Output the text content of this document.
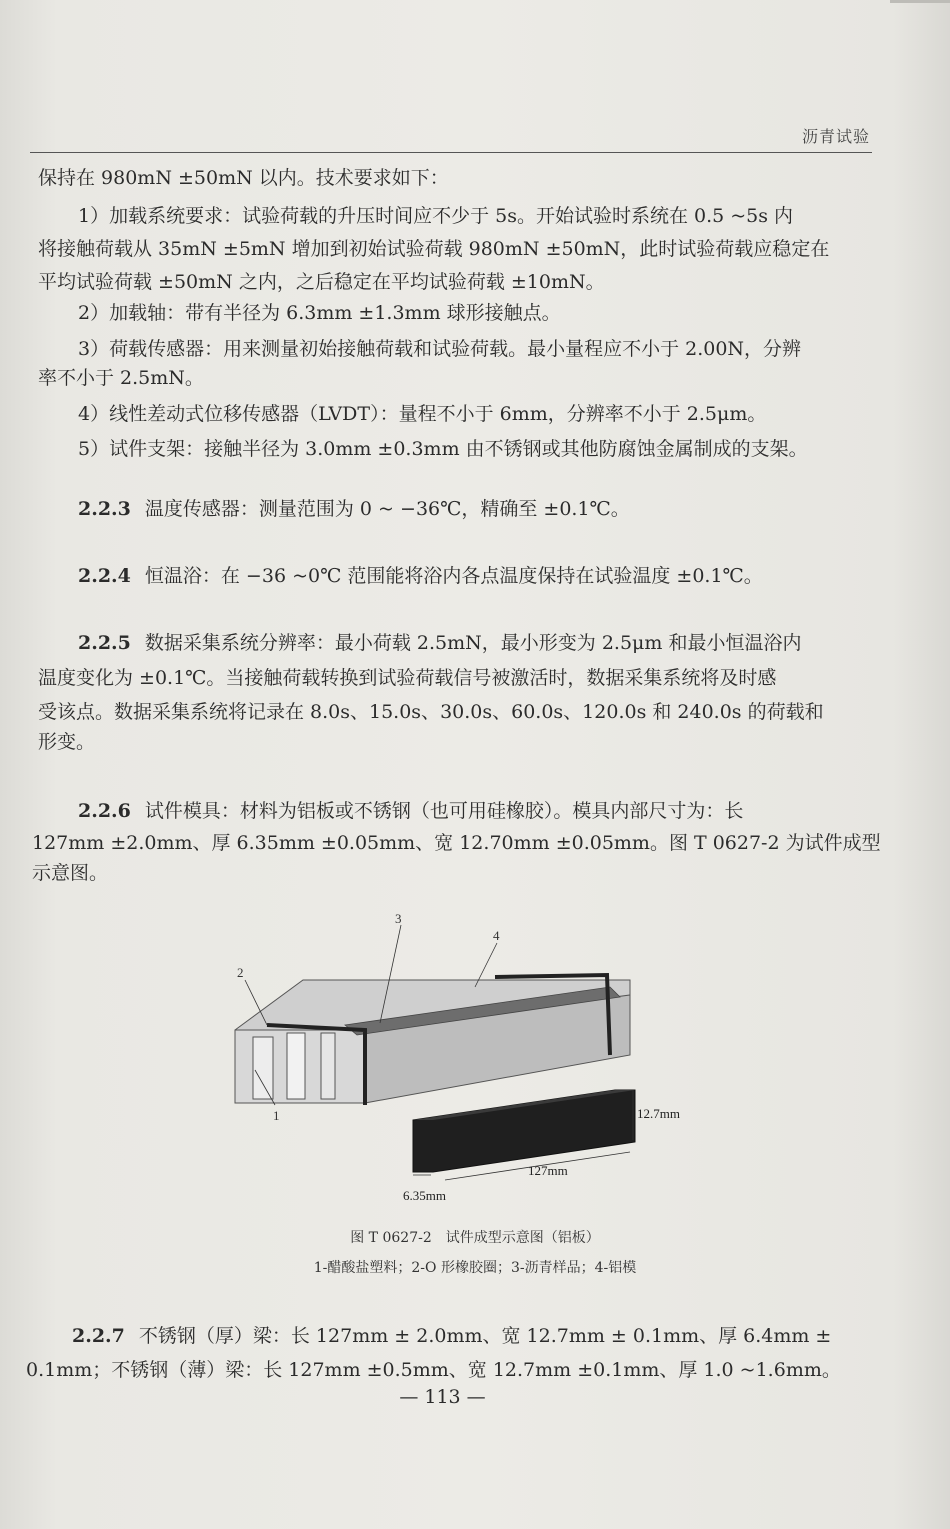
沥青试验
保持在 980mN ±50mN 以内。技术要求如下：
1）加载系统要求：试验荷载的升压时间应不少于 5s。开始试验时系统在 0.5 ~5s 内
将接触荷载从 35mN ±5mN 增加到初始试验荷载 980mN ±50mN，此时试验荷载应稳定在
平均试验荷载 ±50mN 之内，之后稳定在平均试验荷载 ±10mN。
2）加载轴：带有半径为 6.3mm ±1.3mm 球形接触点。
3）荷载传感器：用来测量初始接触荷载和试验荷载。最小量程应不小于 2.00N，分辨
率不小于 2.5mN。
4）线性差动式位移传感器（LVDT）：量程不小于 6mm，分辨率不小于 2.5μm。
5）试件支架：接触半径为 3.0mm ±0.3mm 由不锈钢或其他防腐蚀金属制成的支架。
2.2.3 温度传感器：测量范围为 0 ~ −36℃，精确至 ±0.1℃。
2.2.4 恒温浴：在 −36 ~0℃ 范围能将浴内各点温度保持在试验温度 ±0.1℃。
2.2.5 数据采集系统分辨率：最小荷载 2.5mN，最小形变为 2.5μm 和最小恒温浴内
温度变化为 ±0.1℃。当接触荷载转换到试验荷载信号被激活时，数据采集系统将及时感
受该点。数据采集系统将记录在 8.0s、15.0s、30.0s、60.0s、120.0s 和 240.0s 的荷载和
形变。
2.2.6 试件模具：材料为铝板或不锈钢（也可用硅橡胶）。模具内部尺寸为：长
127mm ±2.0mm、厚 6.35mm ±0.05mm、宽 12.70mm ±0.05mm。图 T 0627-2 为试件成型
示意图。
1
2
3
4
12.7mm
127mm
6.35mm
图 T 0627-2　试件成型示意图（铝板）
1-醋酸盐塑料；2-O 形橡胶圈；3-沥青样品；4-铝模
2.2.7 不锈钢（厚）梁：长 127mm ± 2.0mm、宽 12.7mm ± 0.1mm、厚 6.4mm ±
0.1mm；不锈钢（薄）梁：长 127mm ±0.5mm、宽 12.7mm ±0.1mm、厚 1.0 ~1.6mm。
— 113 —
